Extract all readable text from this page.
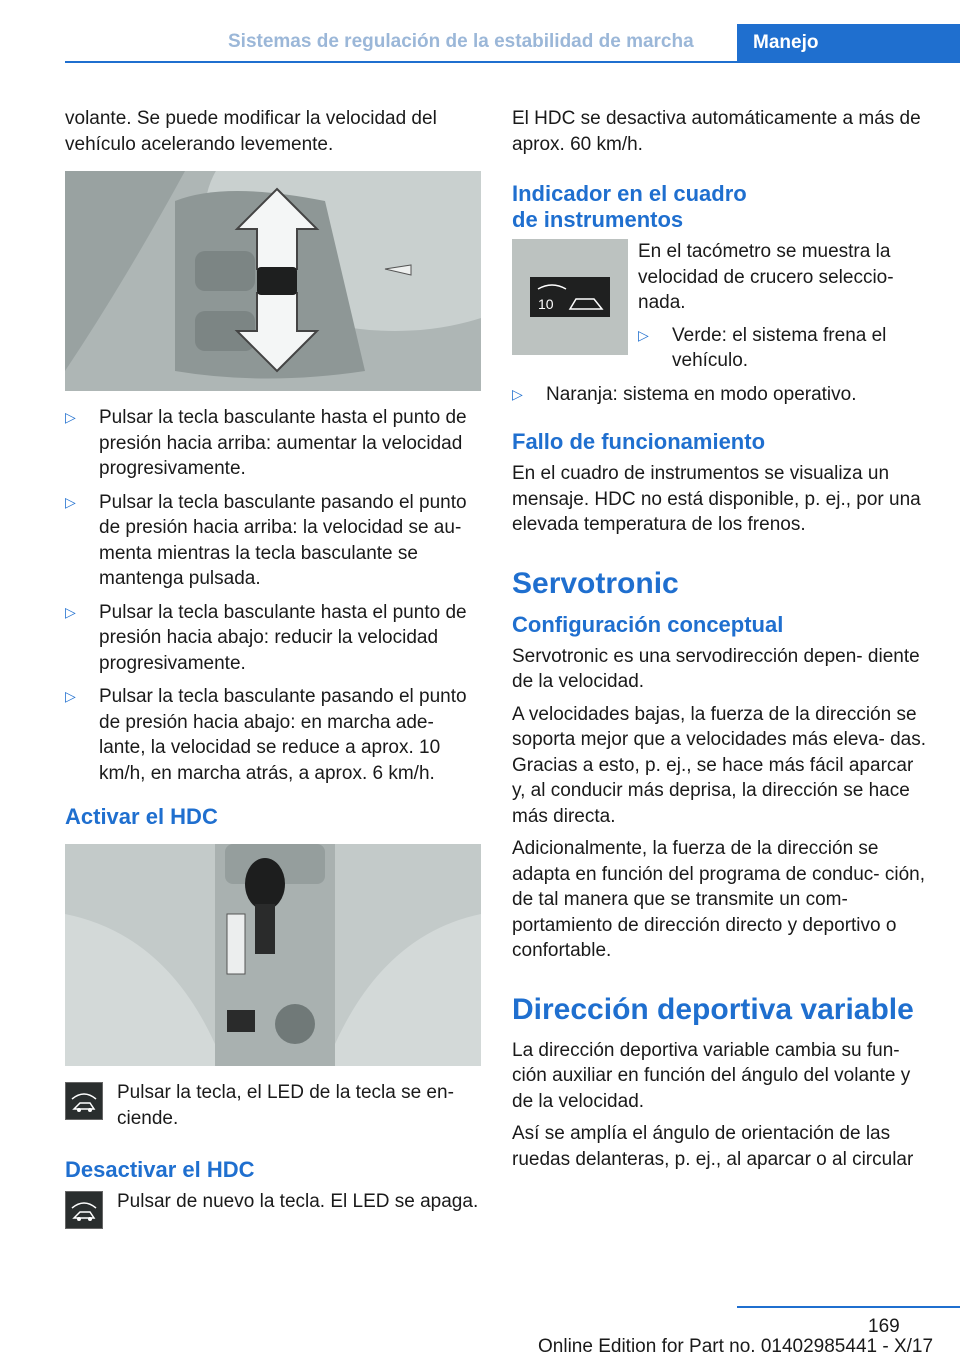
Sistemas de regulación de la estabilidad de marcha	Manejo

volante. Se puede modificar la velocidad del vehículo acelerando levemente.

▷ Pulsar la tecla basculante hasta el punto de presión hacia arriba: aumentar la velocidad progresivamente.
▷ Pulsar la tecla basculante pasando el punto de presión hacia arriba: la velocidad se au- menta mientras la tecla basculante se mantenga pulsada.
▷ Pulsar la tecla basculante hasta el punto de presión hacia abajo: reducir la velocidad progresivamente.
▷ Pulsar la tecla basculante pasando el punto de presión hacia abajo: en marcha ade- lante, la velocidad se reduce a aprox. 10 km/h, en marcha atrás, a aprox. 6 km/h.
Activar el HDC
Pulsar la tecla, el LED de la tecla se en- ciende.
Desactivar el HDC
Pulsar de nuevo la tecla. El LED se apaga.

El HDC se desactiva automáticamente a más de aprox. 60 km/h.

Indicador en el cuadro de instrumentos
10

En el tacómetro se muestra la velocidad de crucero seleccio- nada.

▷ Verde: el sistema frena el vehículo.
▷ Naranja: sistema en modo operativo.
Fallo de funcionamiento

En el cuadro de instrumentos se visualiza un mensaje. HDC no está disponible, p. ej., por una elevada temperatura de los frenos.

Servotronic
Configuración conceptual

Servotronic es una servodirección depen- diente de la velocidad.

A velocidades bajas, la fuerza de la dirección se soporta mejor que a velocidades más eleva- das. Gracias a esto, p. ej., se hace más fácil aparcar y, al conducir más deprisa, la dirección se hace más directa.

Adicionalmente, la fuerza de la dirección se adapta en función del programa de conduc- ción, de tal manera que se transmite un com- portamiento de dirección directo y deportivo o confortable.

Dirección deportiva variable

La dirección deportiva variable cambia su fun- ción auxiliar en función del ángulo del volante y de la velocidad.

Así se amplía el ángulo de orientación de las ruedas delanteras, p. ej., al aparcar o al circular

169
Online Edition for Part no. 01402985441 - X/17
